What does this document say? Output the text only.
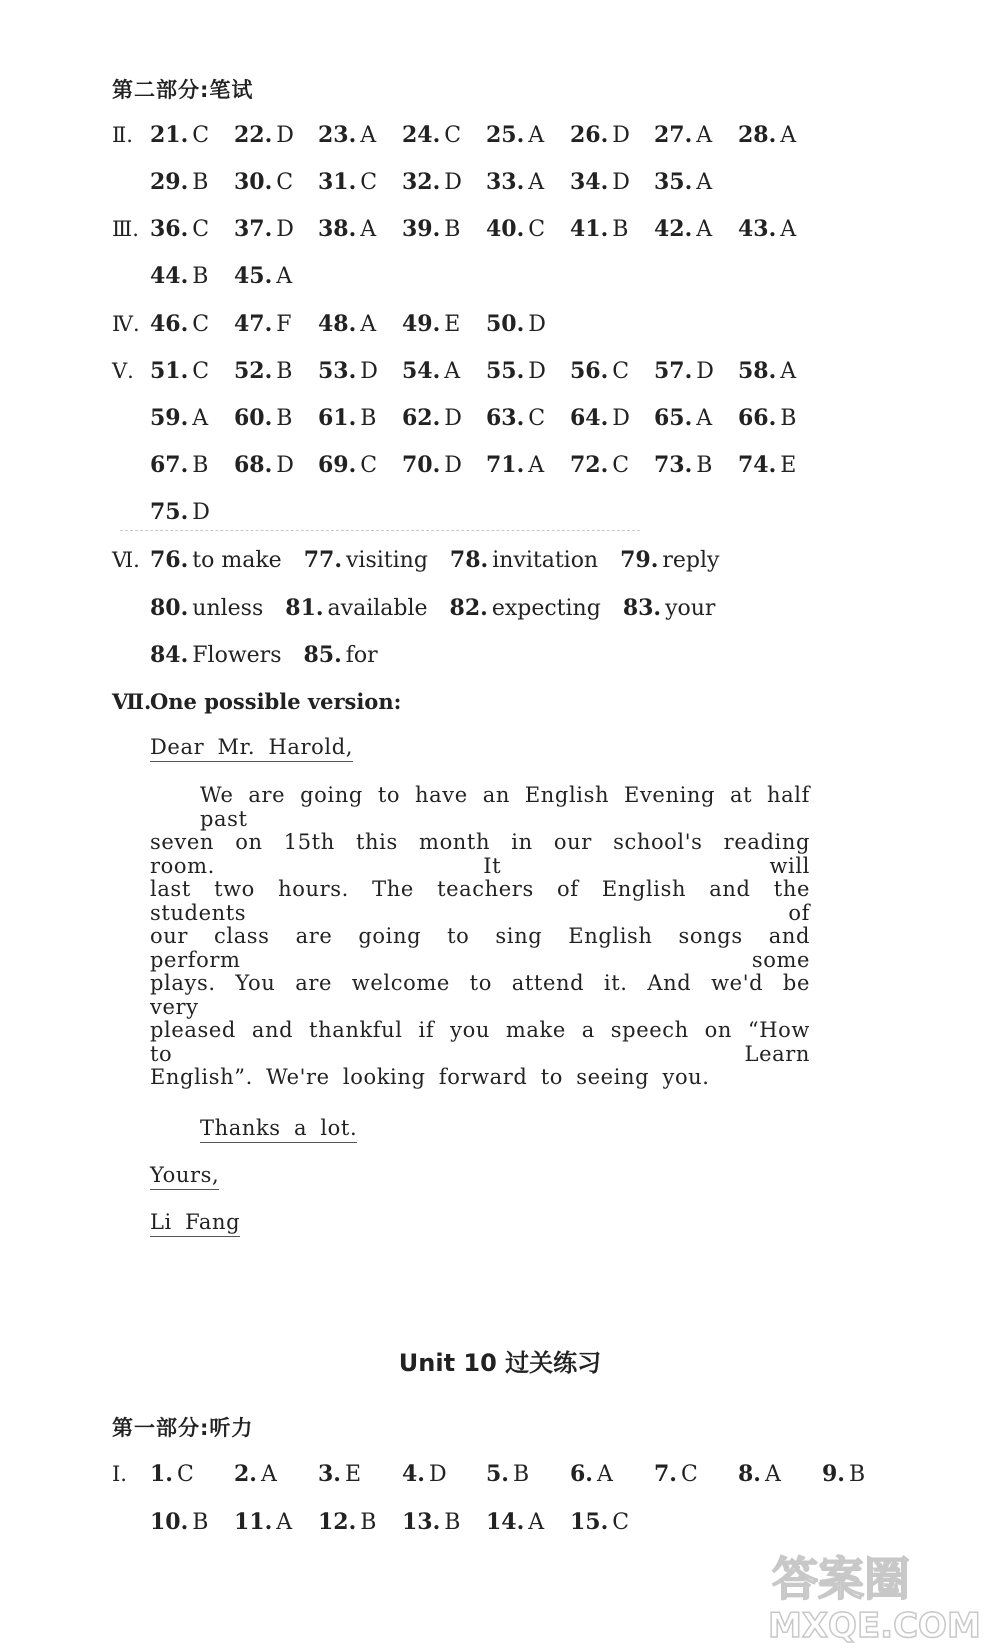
第二部分:笔试
Ⅱ. 21. C 22. D 23. A 24. C 25. A 26. D 27. A 28. A
29. B 30. C 31. C 32. D 33. A 34. D 35. A
Ⅲ. 36. C 37. D 38. A 39. B 40. C 41. B 42. A 43. A
44. B 45. A
Ⅳ. 46. C 47. F 48. A 49. E 50. D
Ⅴ. 51. C 52. B 53. D 54. A 55. D 56. C 57. D 58. A
59. A 60. B 61. B 62. D 63. C 64. D 65. A 66. B
67. B 68. D 69. C 70. D 71. A 72. C 73. B 74. E
75. D
Ⅵ. 76. to make 77. visiting 78. invitation 79. reply
80. unless 81. available 82. expecting 83. your
84. Flowers 85. for
Ⅶ.One possible version:
Dear Mr. Harold,
We are going to have an English Evening at half past
seven on 15th this month in our school's reading room. It will
last two hours. The teachers of English and the students of
our class are going to sing English songs and perform some
plays. You are welcome to attend it. And we'd be very
pleased and thankful if you make a speech on “How to Learn
English”. We're looking forward to seeing you.
Thanks a lot.
Yours,
Li Fang
Unit 10 过关练习
第一部分:听力
Ⅰ. 1. C 2. A 3. E 4. D 5. B 6. A 7. C 8. A 9. B
10. B 11. A 12. B 13. B 14. A 15. C
答案圈
MXQE.COM
